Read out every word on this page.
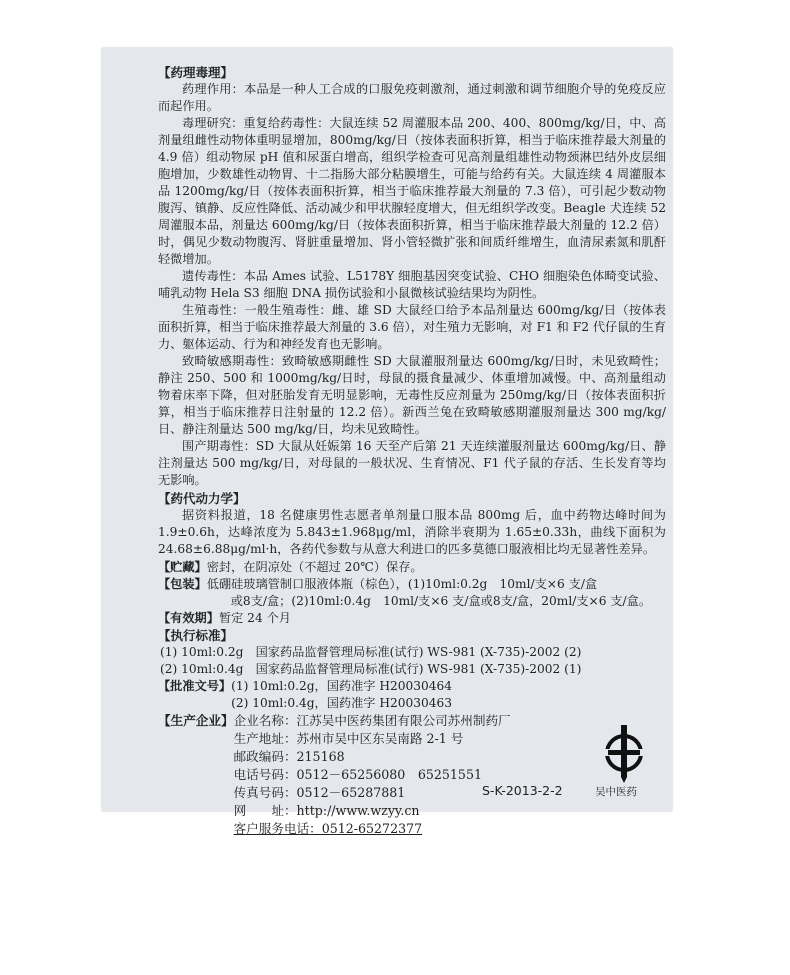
【药理毒理】

药理作用：本品是一种人工合成的口服免疫刺激剂，通过刺激和调节细胞介导的免疫反应而起作用。

毒理研究：重复给药毒性：大鼠连续 52 周灌服本品 200、400、800mg/kg/日，中、高剂量组雌性动物体重明显增加，800mg/kg/日（按体表面积折算，相当于临床推荐最大剂量的 4.9 倍）组动物尿 pH 值和尿蛋白增高，组织学检查可见高剂量组雄性动物颈淋巴结外皮层细胞增加，少数雄性动物胃、十二指肠大部分粘膜增生，可能与给药有关。大鼠连续 4 周灌服本品 1200mg/kg/日（按体表面积折算，相当于临床推荐最大剂量的 7.3 倍），可引起少数动物腹泻、镇静、反应性降低、活动减少和甲状腺轻度增大，但无组织学改变。Beagle 犬连续 52 周灌服本品，剂量达 600mg/kg/日（按体表面积折算，相当于临床推荐最大剂量的 12.2 倍）时，偶见少数动物腹泻、肾脏重量增加、肾小管轻微扩张和间质纤维增生，血清尿素氮和肌酐轻微增加。

遗传毒性：本品 Ames 试验、L5178Y 细胞基因突变试验、CHO 细胞染色体畸变试验、哺乳动物 Hela S3 细胞 DNA 损伤试验和小鼠微核试验结果均为阴性。

生殖毒性：一般生殖毒性：雌、雄 SD 大鼠经口给予本品剂量达 600mg/kg/日（按体表面积折算，相当于临床推荐最大剂量的 3.6 倍），对生殖力无影响，对 F1 和 F2 代仔鼠的生育力、躯体运动、行为和神经发育也无影响。

致畸敏感期毒性：致畸敏感期雌性 SD 大鼠灌服剂量达 600mg/kg/日时，未见致畸性；静注 250、500 和 1000mg/kg/日时，母鼠的摄食量减少、体重增加减慢。中、高剂量组动物着床率下降，但对胚胎发育无明显影响，无毒性反应剂量为 250mg/kg/日（按体表面积折算，相当于临床推荐日注射量的 12.2 倍）。新西兰兔在致畸敏感期灌服剂量达 300 mg/kg/日、静注剂量达 500 mg/kg/日，均未见致畸性。

围产期毒性：SD 大鼠从妊娠第 16 天至产后第 21 天连续灌服剂量达 600mg/kg/日、静注剂量达 500 mg/kg/日，对母鼠的一般状况、生育情况、F1 代子鼠的存活、生长发育等均无影响。

【药代动力学】

据资料报道，18 名健康男性志愿者单剂量口服本品 800mg 后，血中药物达峰时间为 1.9±0.6h，达峰浓度为 5.843±1.968μg/ml，消除半衰期为 1.65±0.33h，曲线下面积为 24.68±6.88μg/ml·h，各药代参数与从意大利进口的匹多莫德口服液相比均无显著性差异。

【贮藏】 密封，在阴凉处（不超过 20℃）保存。
【包装】 低硼硅玻璃管制口服液体瓶（棕色），(1)10ml:0.2g　10ml/支×6 支/盒
或8支/盒；(2)10ml:0.4g　10ml/支×6 支/盒或8支/盒，20ml/支×6 支/盒。
【有效期】 暂定 24 个月
【执行标准】

(1) 10ml:0.2g　国家药品监督管理局标准(试行) WS-981 (X-735)-2002 (2)

(2) 10ml:0.4g　国家药品监督管理局标准(试行) WS-981 (X-735)-2002 (1)

【批准文号】 (1) 10ml:0.2g，国药准字 H20030464
(2) 10ml:0.4g，国药准字 H20030463
【生产企业】 企业名称：江苏吴中医药集团有限公司苏州制药厂
生产地址：苏州市吴中区东吴南路 2-1 号
邮政编码：215168
电话号码：0512－65256080　65251551
传真号码：0512－65287881
网　　址：http://www.wzyy.cn
客户服务电话：0512-65272377
吴中医药
S-K-2013-2-2
